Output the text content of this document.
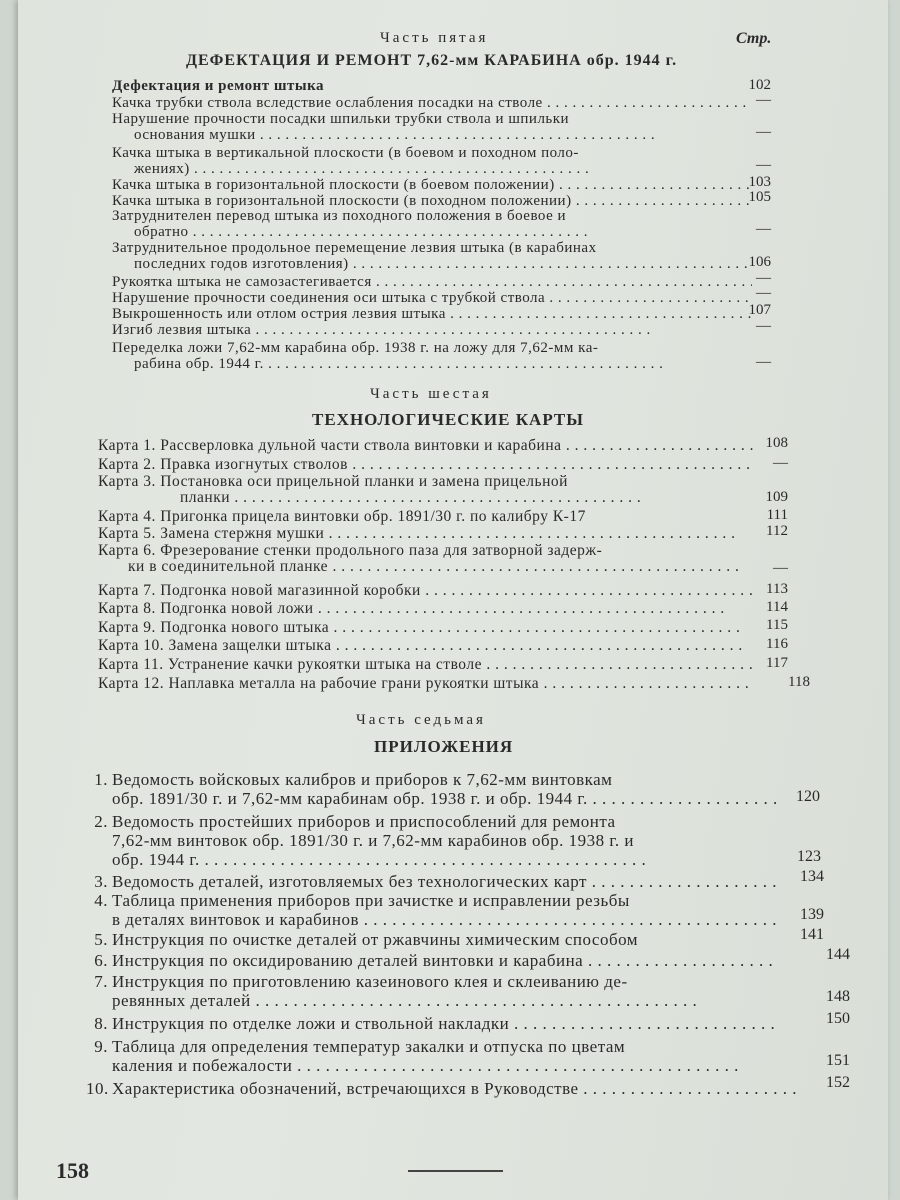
Часть пятая	Стр.
ДЕФЕКТАЦИЯ И РЕМОНТ 7,62-мм КАРАБИНА обр. 1944 г.
Дефектация и ремонт штыка	102
Качка трубки ствола вследствие ослабления посадки на стволе . . .	—
Нарушение прочности посадки шпильки трубки ствола и шпильки
основания мушки . . .	—
Качка штыка в вертикальной плоскости (в боевом и походном поло-
жениях) . . .	—
Качка штыка в горизонтальной плоскости (в боевом положении) . . .	103
Качка штыка в горизонтальной плоскости (в походном положении) . . .	105
Затруднителен перевод штыка из походного положения в боевое и
обратно . . .	—
Затруднительное продольное перемещение лезвия штыка (в карабинах
последних годов изготовления) . . .	106
Рукоятка штыка не самозастегивается . . .	—
Нарушение прочности соединения оси штыка с трубкой ствола . . .	—
Выкрошенность или отлом острия лезвия штыка . . .	107
Изгиб лезвия штыка . . .	—
Переделка ложи 7,62-мм карабина обр. 1938 г. на ложу для 7,62-мм ка-
рабина обр. 1944 г. . . .	—
Часть шестая
ТЕХНОЛОГИЧЕСКИЕ КАРТЫ
Карта 1. Рассверловка дульной части ствола винтовки и карабина . . .	108
Карта 2. Правка изогнутых стволов . . .	—
Карта 3. Постановка оси прицельной планки и замена прицельной
планки . . .	109
Карта 4. Пригонка прицела винтовки обр. 1891/30 г. по калибру К-17	111
Карта 5. Замена стержня мушки . . .	112
Карта 6. Фрезерование стенки продольного паза для затворной задерж-
ки в соединительной планке . . .	—
Карта 7. Подгонка новой магазинной коробки . . .	113
Карта 8. Подгонка новой ложи . . .	114
Карта 9. Подгонка нового штыка . . .	115
Карта 10. Замена защелки штыка . . .	116
Карта 11. Устранение качки рукоятки штыка на стволе . . .	117
Карта 12. Наплавка металла на рабочие грани рукоятки штыка . . .	118
Часть седьмая
ПРИЛОЖЕНИЯ
1. Ведомость войсковых калибров и приборов к 7,62-мм винтовкам
обр. 1891/30 г. и 7,62-мм карабинам обр. 1938 г. и обр. 1944 г. . . .	120
2. Ведомость простейших приборов и приспособлений для ремонта
7,62-мм винтовок обр. 1891/30 г. и 7,62-мм карабинов обр. 1938 г. и
обр. 1944 г. . . .	123
3. Ведомость деталей, изготовляемых без технологических карт . . .	134
4. Таблица применения приборов при зачистке и исправлении резьбы
в деталях винтовок и карабинов . . .	139
5. Инструкция по очистке деталей от ржавчины химическим способом	141
6. Инструкция по оксидированию деталей винтовки и карабина . . .	144
7. Инструкция по приготовлению казеинового клея и склеиванию де-
ревянных деталей . . .	148
8. Инструкция по отделке ложи и ствольной накладки . . .	150
9. Таблица для определения температур закалки и отпуска по цветам
каления и побежалости . . .	151
10. Характеристика обозначений, встречающихся в Руководстве . . .	152
158
